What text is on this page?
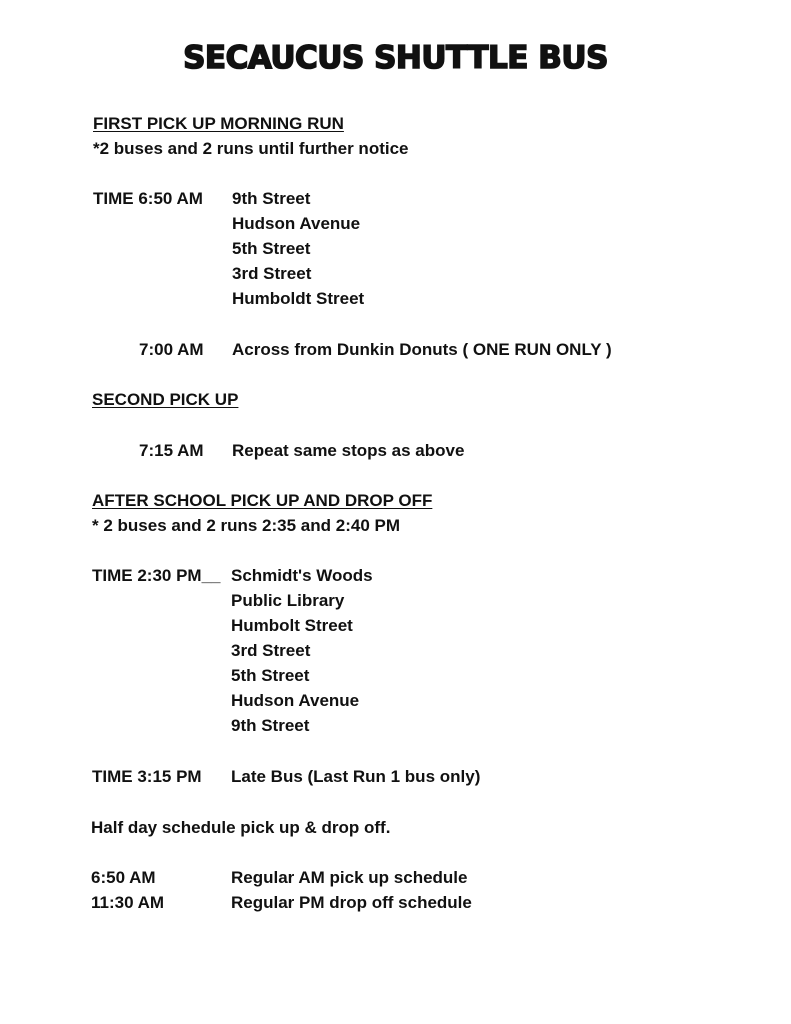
SECAUCUS SHUTTLE BUS
FIRST PICK UP MORNING RUN
*2 buses and 2 runs until further notice
TIME 6:50 AM 9th Street
Hudson Avenue
5th Street
3rd Street
Humboldt Street
7:00 AM Across from Dunkin Donuts ( ONE RUN ONLY )
SECOND PICK UP
7:15 AM Repeat same stops as above
AFTER SCHOOL PICK UP AND DROP OFF
* 2 buses and 2 runs 2:35 and 2:40 PM
TIME 2:30 PM__ Schmidt's Woods
Public Library
Humbolt Street
3rd Street
5th Street
Hudson Avenue
9th Street
TIME 3:15 PM Late Bus (Last Run 1 bus only)
Half day schedule pick up & drop off.
6:50 AM	Regular AM pick up schedule
11:30 AM	Regular PM drop off schedule
